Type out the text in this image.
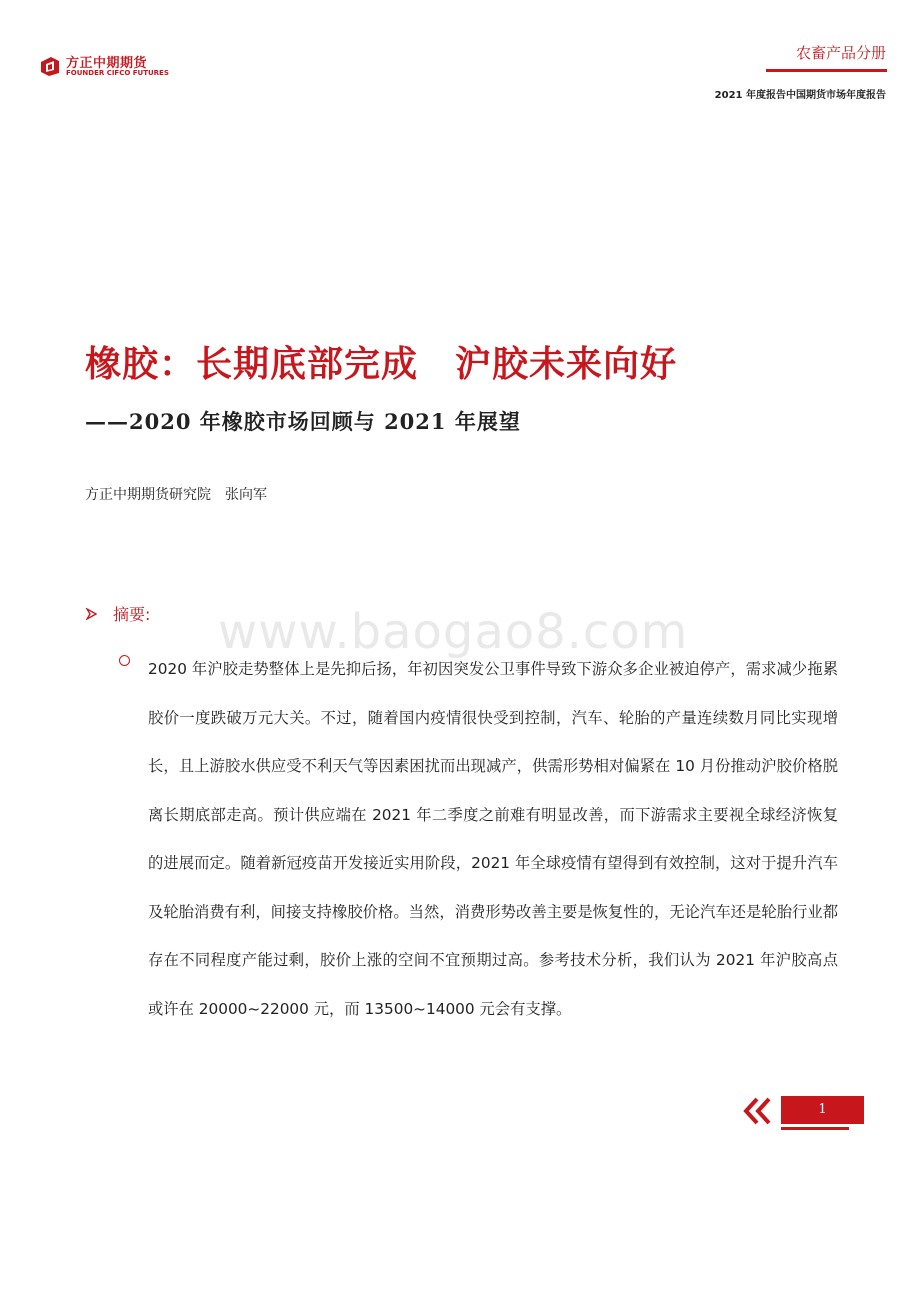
方正中期期货
FOUNDER CIFCO FUTURES
农畜产品分册
2021 年度报告中国期货市场年度报告
橡胶：长期底部完成　沪胶未来向好
——2020 年橡胶市场回顾与 2021 年展望
方正中期期货研究院　张向军
www.baogao8.com
摘要:
2020 年沪胶走势整体上是先抑后扬，年初因突发公卫事件导致下游众多企业被迫停产，需求减少拖累胶价一度跌破万元大关。不过，随着国内疫情很快受到控制，汽车、轮胎的产量连续数月同比实现增长，且上游胶水供应受不利天气等因素困扰而出现减产，供需形势相对偏紧在 10 月份推动沪胶价格脱离长期底部走高。预计供应端在 2021 年二季度之前难有明显改善，而下游需求主要视全球经济恢复的进展而定。随着新冠疫苗开发接近实用阶段，2021 年全球疫情有望得到有效控制，这对于提升汽车及轮胎消费有利，间接支持橡胶价格。当然，消费形势改善主要是恢复性的，无论汽车还是轮胎行业都存在不同程度产能过剩，胶价上涨的空间不宜预期过高。参考技术分析，我们认为 2021 年沪胶高点或许在 20000~22000 元，而 13500~14000 元会有支撑。
1
